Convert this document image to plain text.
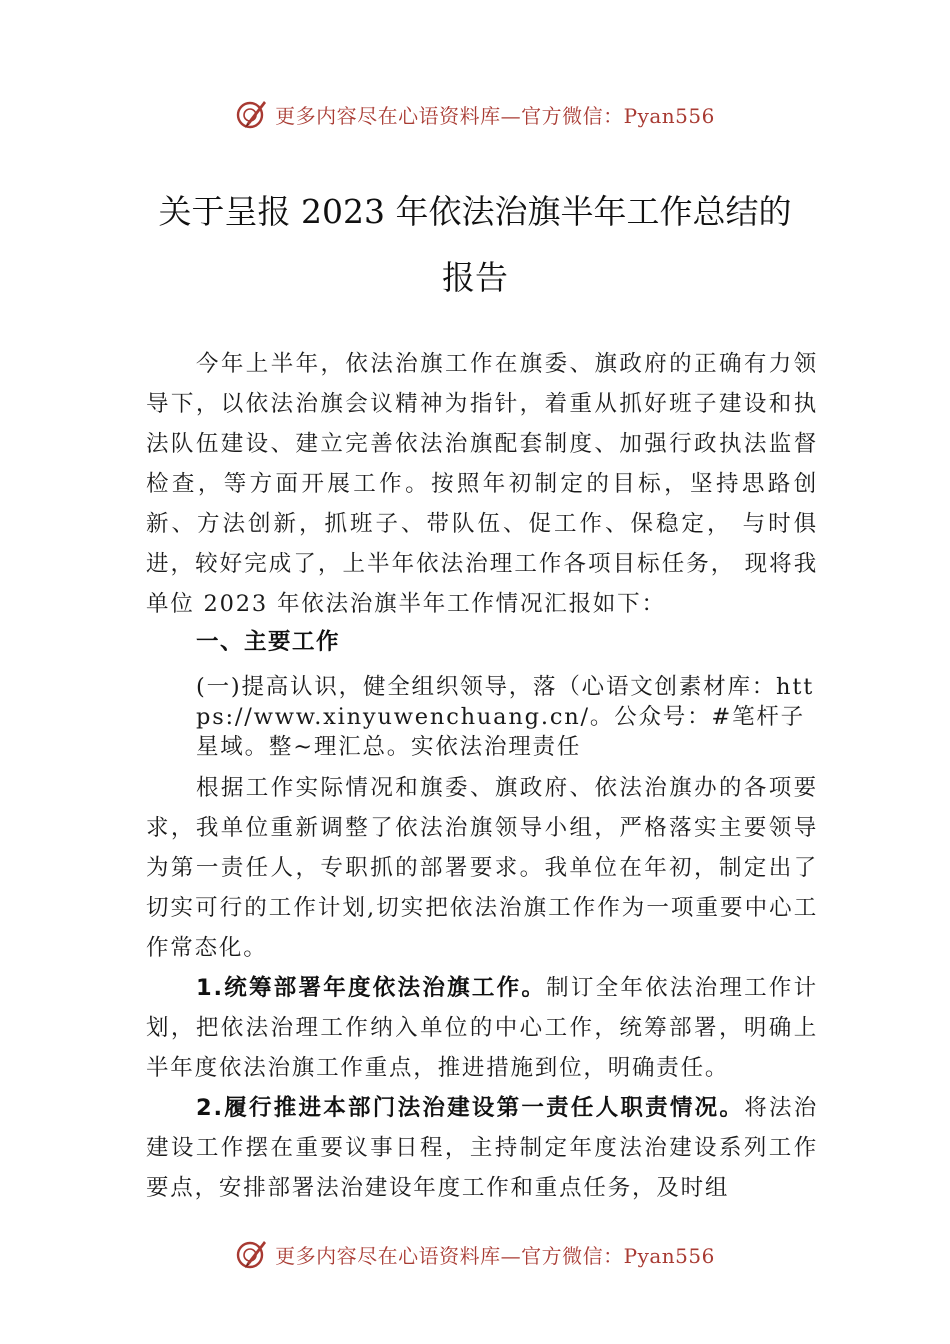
更多内容尽在心语资料库—官方微信：Pyan556
关于呈报 2023 年依法治旗半年工作总结的
报告
今年上半年，依法治旗工作在旗委、旗政府的正确有力领导下，以依法治旗会议精神为指针，着重从抓好班子建设和执法队伍建设、建立完善依法治旗配套制度、加强行政执法监督检查，等方面开展工作。按照年初制定的目标，坚持思路创新、方法创新，抓班子、带队伍、促工作、保稳定， 与时俱进，较好完成了，上半年依法治理工作各项目标任务， 现将我单位 2023 年依法治旗半年工作情况汇报如下：
一、主要工作
(一)提高认识，健全组织领导，落（心语文创素材库：https://www.xinyuwenchuang.cn/。公众号：#笔杆子星域。整~理汇总。实依法治理责任
根据工作实际情况和旗委、旗政府、依法治旗办的各项要求，我单位重新调整了依法治旗领导小组，严格落实主要领导为第一责任人，专职抓的部署要求。我单位在年初，制定出了切实可行的工作计划,切实把依法治旗工作作为一项重要中心工作常态化。
1.统筹部署年度依法治旗工作。制订全年依法治理工作计划，把依法治理工作纳入单位的中心工作，统筹部署，明确上半年度依法治旗工作重点，推进措施到位，明确责任。
2.履行推进本部门法治建设第一责任人职责情况。将法治建设工作摆在重要议事日程，主持制定年度法治建设系列工作要点，安排部署法治建设年度工作和重点任务，及时组
更多内容尽在心语资料库—官方微信：Pyan556
